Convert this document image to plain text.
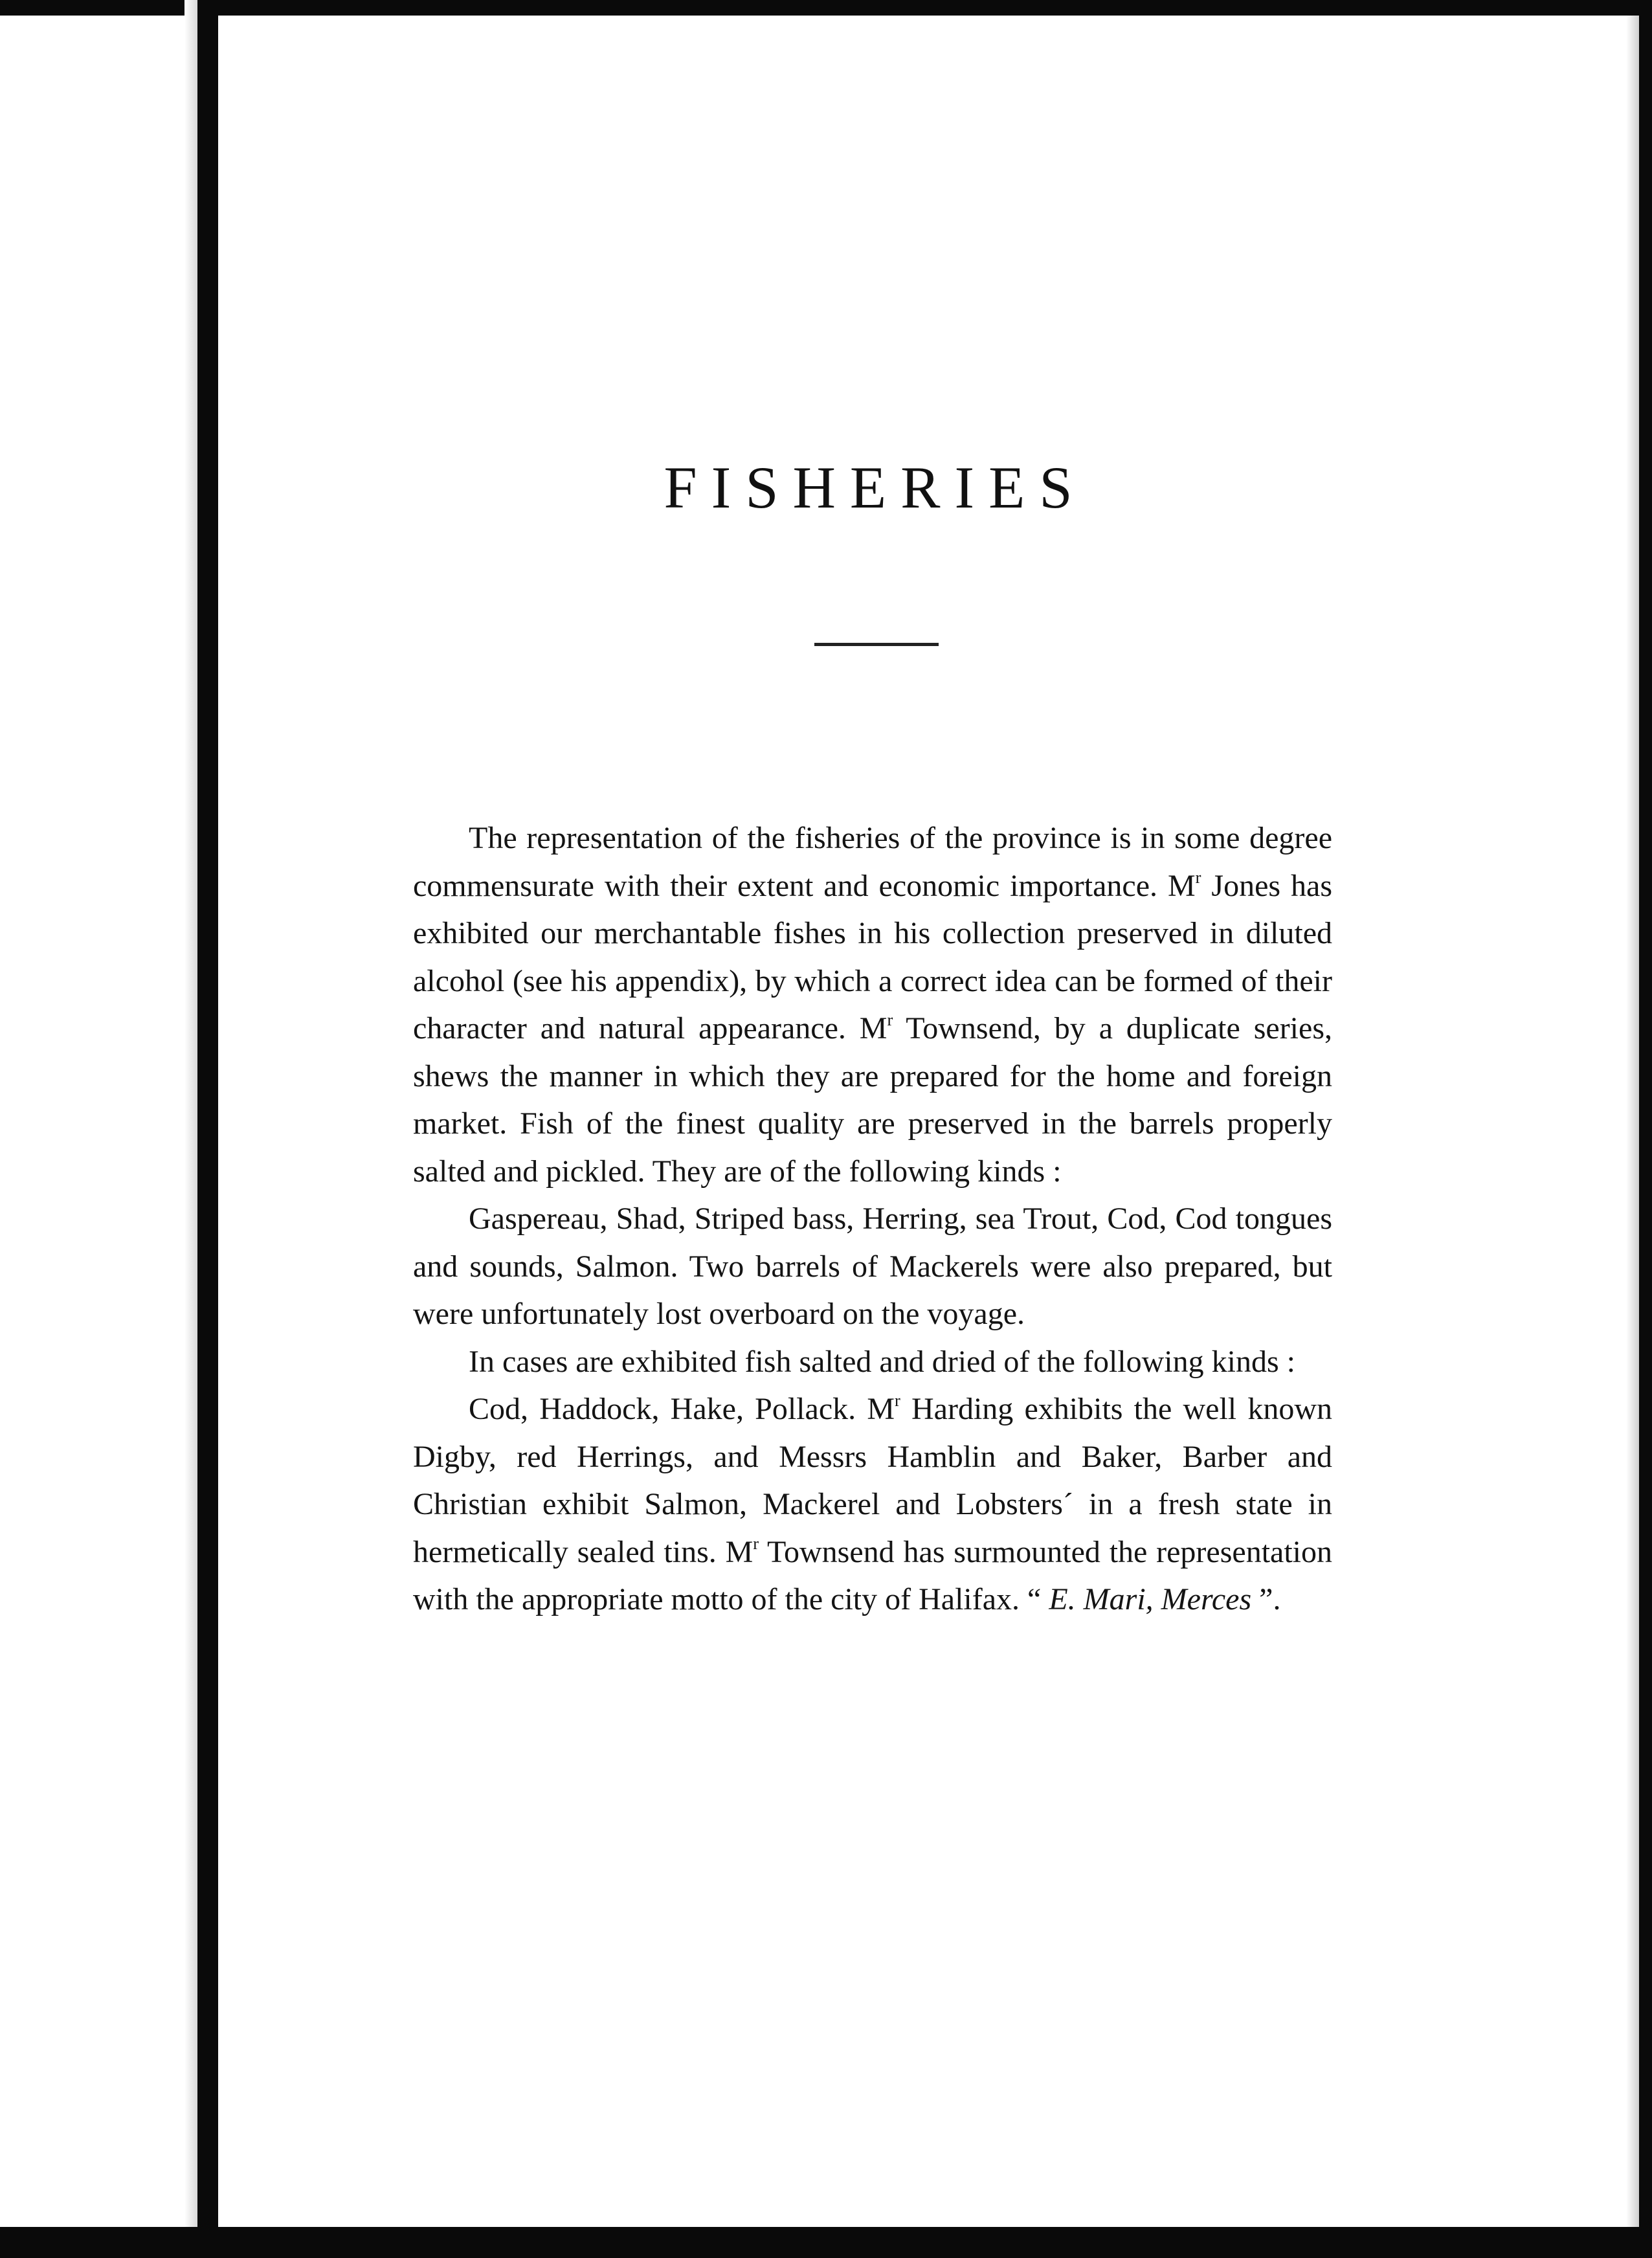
FISHERIES

The representation of the fisheries of the province is in some degree commensurate with their extent and economic importance. $M^r$ Jones has exhibited our merchantable fishes in his collection preserved in diluted alcohol (see his appendix), by which a correct idea can be formed of their character and natural appearance. $M^r$ Townsend, by a duplicate series, shews the manner in which they are prepared for the home and foreign market. Fish of the finest quality are preserved in the barrels properly salted and pickled. They are of the following kinds :

Gaspereau, Shad, Striped bass, Herring, sea Trout, Cod, Cod tongues and sounds, Salmon. Two barrels of Mackerels were also prepared, but were unfortunately lost overboard on the voyage.

In cases are exhibited fish salted and dried of the following kinds :

Cod, Haddock, Hake, Pollack. $M^r$ Harding exhibits the well known Digby, red Herrings, and Messrs Hamblin and Baker, Barber and Christian exhibit Salmon, Mackerel and Lobsters´ in a fresh state in hermetically sealed tins. $M^r$ Townsend has surmounted the representation with the appropriate motto of the city of Halifax. “ E. Mari, Merces ”.
